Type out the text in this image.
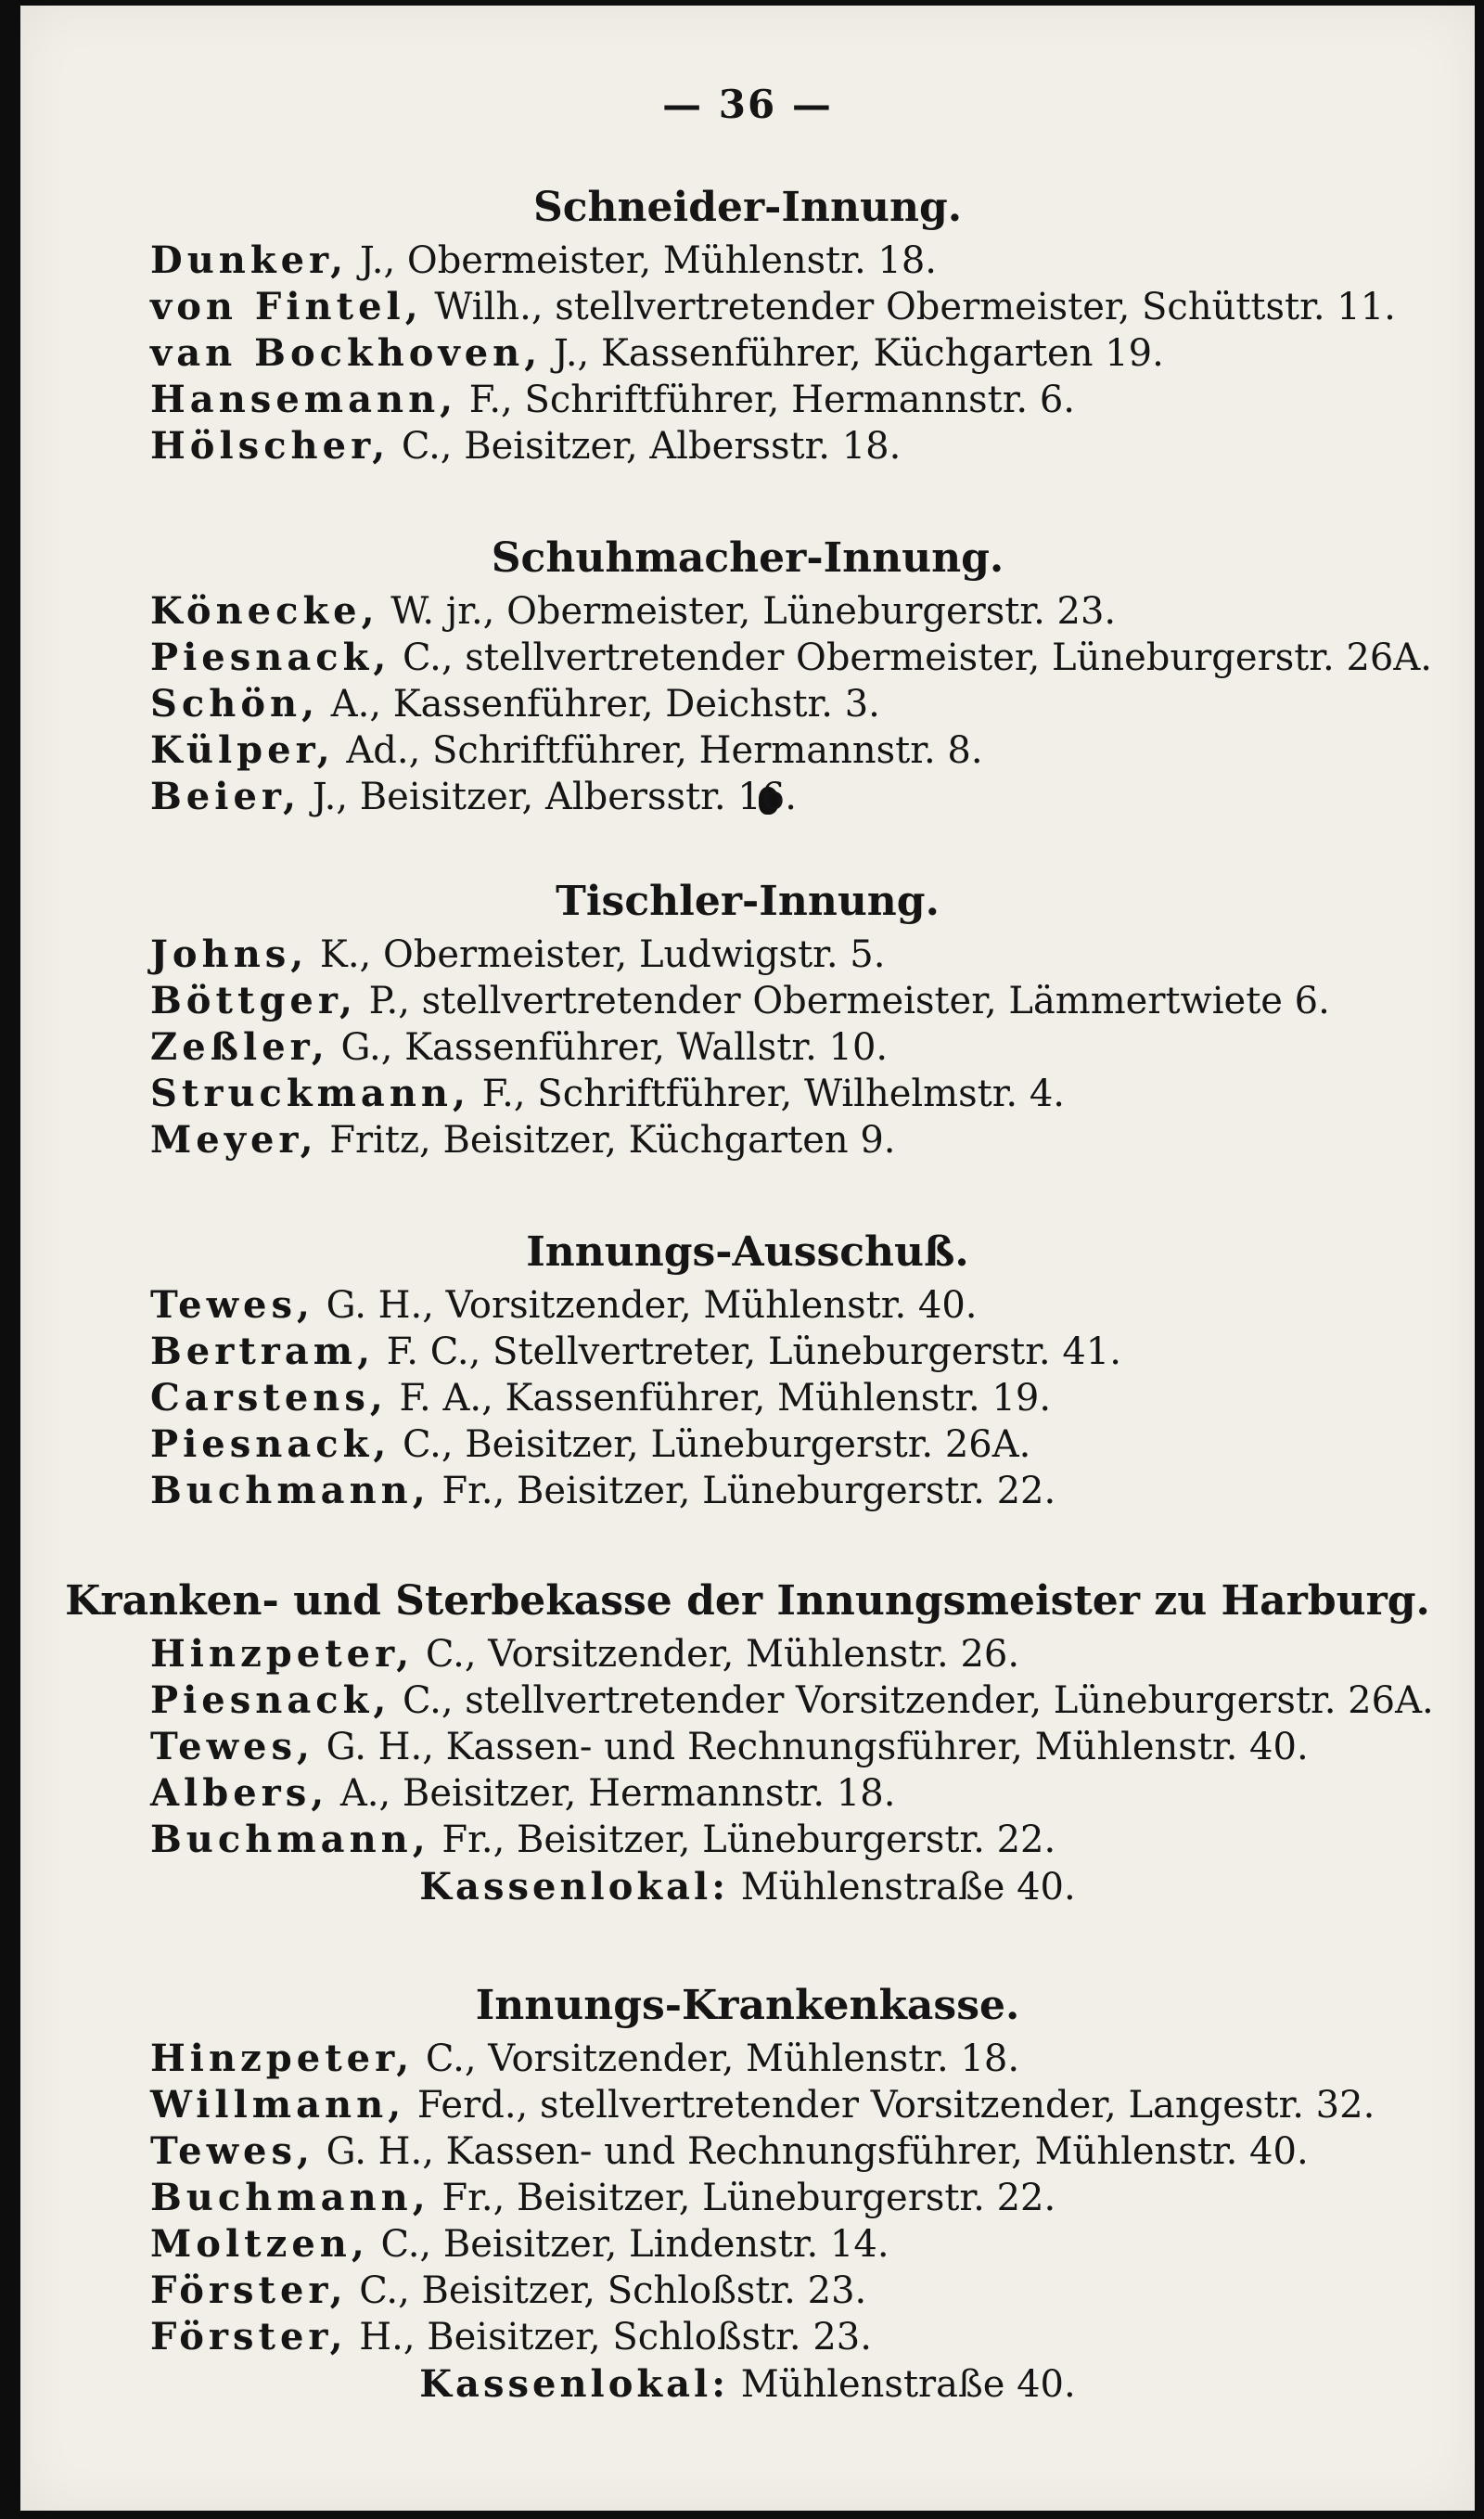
— 36 —
Schneider-Innung.
Dunker, J., Obermeister, Mühlenstr. 18.
von Fintel, Wilh., stellvertretender Obermeister, Schüttstr. 11.
van Bockhoven, J., Kassenführer, Küchgarten 19.
Hansemann, F., Schriftführer, Hermannstr. 6.
Hölscher, C., Beisitzer, Albersstr. 18.
Schuhmacher-Innung.
Könecke, W. jr., Obermeister, Lüneburgerstr. 23.
Piesnack, C., stellvertretender Obermeister, Lüneburgerstr. 26A.
Schön, A., Kassenführer, Deichstr. 3.
Külper, Ad., Schriftführer, Hermannstr. 8.
Beier, J., Beisitzer, Albersstr. 16.
Tischler-Innung.
Johns, K., Obermeister, Ludwigstr. 5.
Böttger, P., stellvertretender Obermeister, Lämmertwiete 6.
Zeßler, G., Kassenführer, Wallstr. 10.
Struckmann, F., Schriftführer, Wilhelmstr. 4.
Meyer, Fritz, Beisitzer, Küchgarten 9.
Innungs-Ausschuß.
Tewes, G. H., Vorsitzender, Mühlenstr. 40.
Bertram, F. C., Stellvertreter, Lüneburgerstr. 41.
Carstens, F. A., Kassenführer, Mühlenstr. 19.
Piesnack, C., Beisitzer, Lüneburgerstr. 26A.
Buchmann, Fr., Beisitzer, Lüneburgerstr. 22.
Kranken- und Sterbekasse der Innungsmeister zu Harburg.
Hinzpeter, C., Vorsitzender, Mühlenstr. 26.
Piesnack, C., stellvertretender Vorsitzender, Lüneburgerstr. 26A.
Tewes, G. H., Kassen- und Rechnungsführer, Mühlenstr. 40.
Albers, A., Beisitzer, Hermannstr. 18.
Buchmann, Fr., Beisitzer, Lüneburgerstr. 22.
Kassenlokal: Mühlenstraße 40.
Innungs-Krankenkasse.
Hinzpeter, C., Vorsitzender, Mühlenstr. 18.
Willmann, Ferd., stellvertretender Vorsitzender, Langestr. 32.
Tewes, G. H., Kassen- und Rechnungsführer, Mühlenstr. 40.
Buchmann, Fr., Beisitzer, Lüneburgerstr. 22.
Moltzen, C., Beisitzer, Lindenstr. 14.
Förster, C., Beisitzer, Schloßstr. 23.
Förster, H., Beisitzer, Schloßstr. 23.
Kassenlokal: Mühlenstraße 40.
